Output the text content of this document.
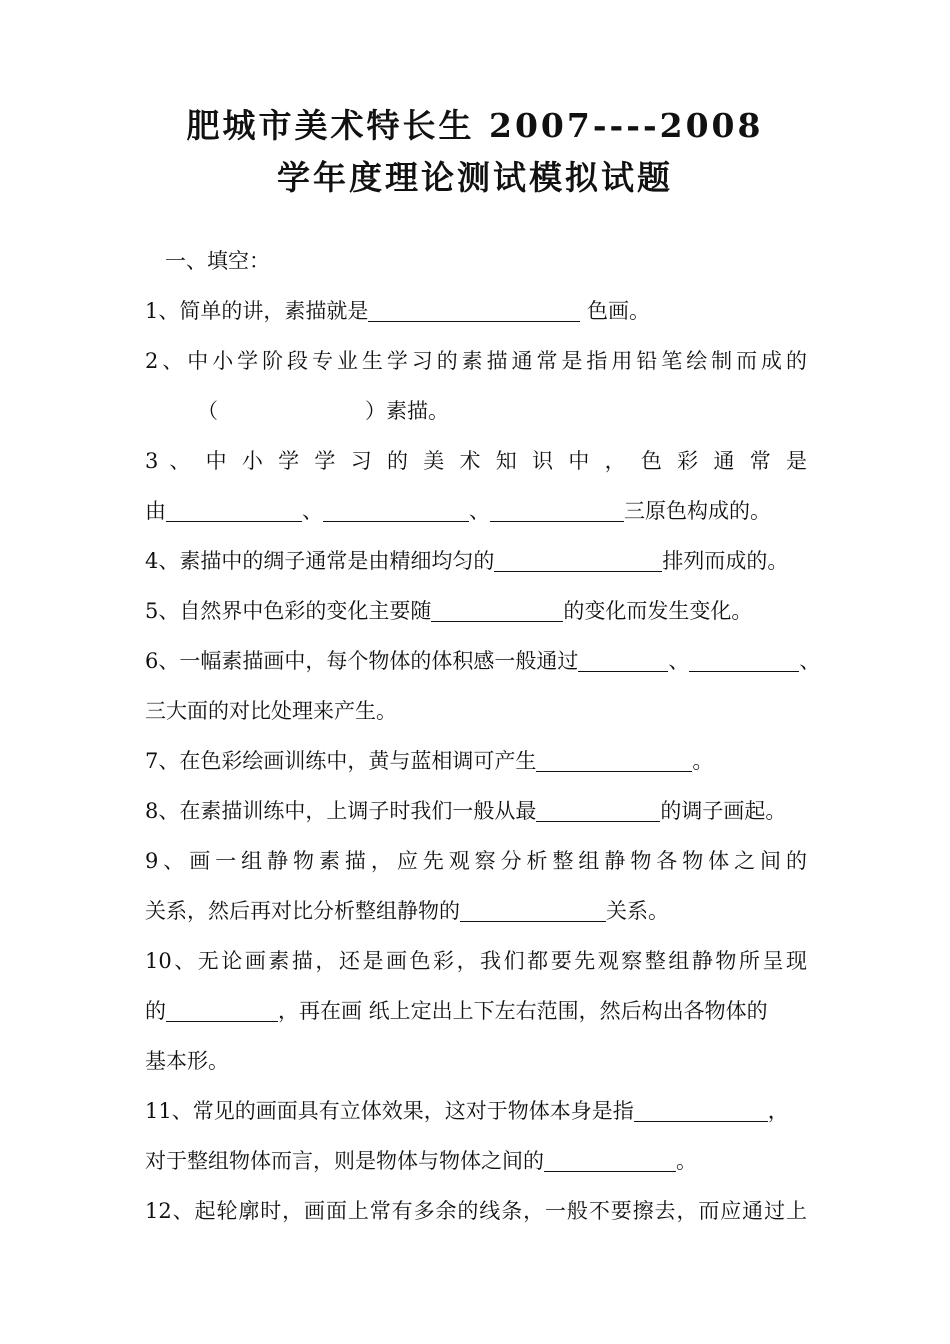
肥城市美术特长生 2007----2008
学年度理论测试模拟试题
一、填空：
1、简单的讲，素描就是	色画。
2、中小学阶段专业生学习的素描通常是指用铅笔绘制而成的
（　　　　　　　）素描。
3 、 中 小 学 学 习 的 美 术 知 识 中 ， 色 彩 通 常 是
由	、	、	三原色构成的。
4、素描中的绸子通常是由精细均匀的	排列而成的。
5、自然界中色彩的变化主要随	的变化而发生变化。
6、一幅素描画中，每个物体的体积感一般通过	、	、
三大面的对比处理来产生。
7、在色彩绘画训练中，黄与蓝相调可产生	。
8、在素描训练中，上调子时我们一般从最	的调子画起。
9、画一组静物素描，应先观察分析整组静物各物体之间的
关系，然后再对比分析整组静物的	关系。
10、无论画素描，还是画色彩，我们都要先观察整组静物所呈现
的	，再在画 纸上定出上下左右范围，然后构出各物体的
基本形。
11、常见的画面具有立体效果，这对于物体本身是指	，
对于整组物体而言，则是物体与物体之间的	。
12、起轮廓时，画面上常有多余的线条，一般不要擦去，而应通过上
